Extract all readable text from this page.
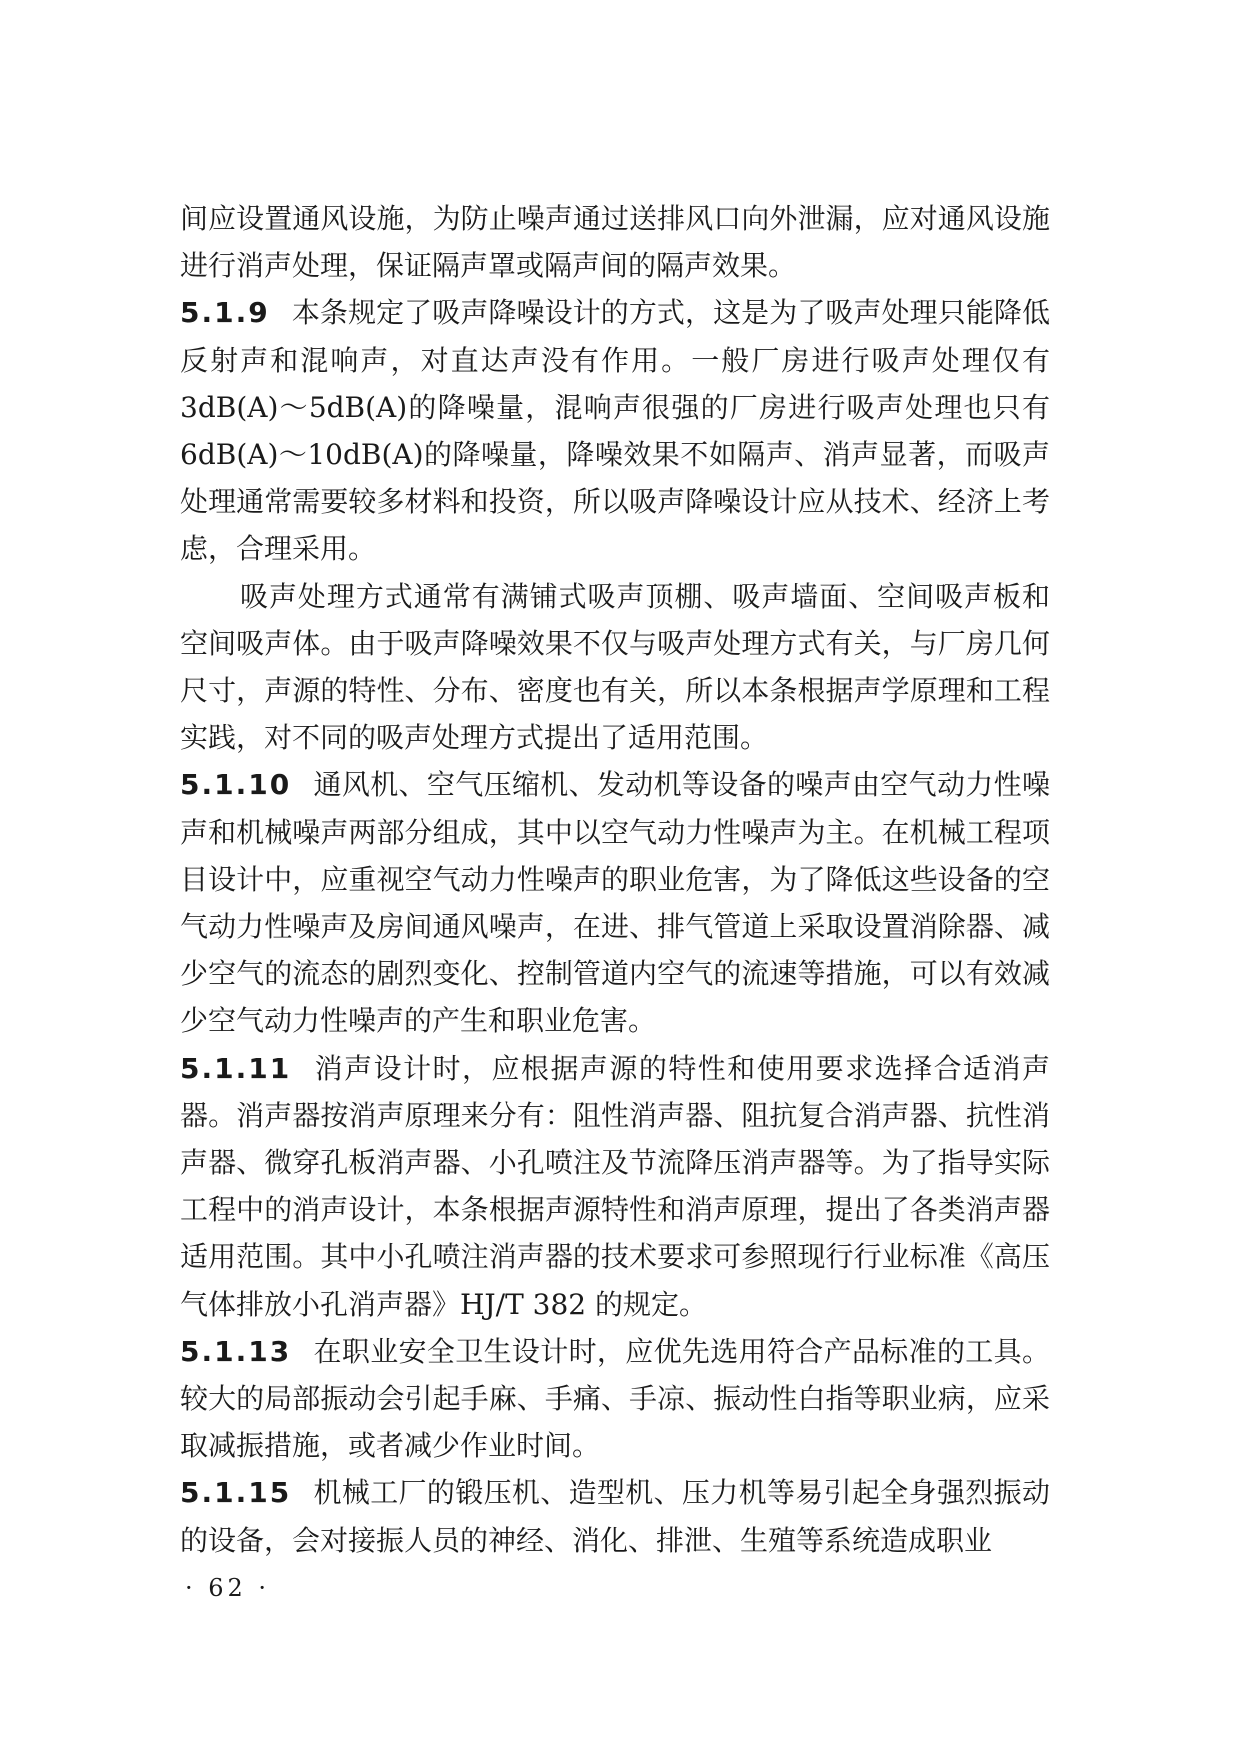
间应设置通风设施，为防止噪声通过送排风口向外泄漏，应对通风设施进行消声处理，保证隔声罩或隔声间的隔声效果。

5.1.9 本条规定了吸声降噪设计的方式，这是为了吸声处理只能降低反射声和混响声，对直达声没有作用。一般厂房进行吸声处理仅有 3dB(A)～5dB(A)的降噪量，混响声很强的厂房进行吸声处理也只有 6dB(A)～10dB(A)的降噪量，降噪效果不如隔声、消声显著，而吸声处理通常需要较多材料和投资，所以吸声降噪设计应从技术、经济上考虑，合理采用。

吸声处理方式通常有满铺式吸声顶棚、吸声墙面、空间吸声板和空间吸声体。由于吸声降噪效果不仅与吸声处理方式有关，与厂房几何尺寸，声源的特性、分布、密度也有关，所以本条根据声学原理和工程实践，对不同的吸声处理方式提出了适用范围。

5.1.10 通风机、空气压缩机、发动机等设备的噪声由空气动力性噪声和机械噪声两部分组成，其中以空气动力性噪声为主。在机械工程项目设计中，应重视空气动力性噪声的职业危害，为了降低这些设备的空气动力性噪声及房间通风噪声，在进、排气管道上采取设置消除器、减少空气的流态的剧烈变化、控制管道内空气的流速等措施，可以有效减少空气动力性噪声的产生和职业危害。

5.1.11 消声设计时，应根据声源的特性和使用要求选择合适消声器。消声器按消声原理来分有：阻性消声器、阻抗复合消声器、抗性消声器、微穿孔板消声器、小孔喷注及节流降压消声器等。为了指导实际工程中的消声设计，本条根据声源特性和消声原理，提出了各类消声器适用范围。其中小孔喷注消声器的技术要求可参照现行行业标准《高压气体排放小孔消声器》HJ/T 382 的规定。

5.1.13 在职业安全卫生设计时，应优先选用符合产品标准的工具。较大的局部振动会引起手麻、手痛、手凉、振动性白指等职业病，应采取减振措施，或者减少作业时间。

5.1.15 机械工厂的锻压机、造型机、压力机等易引起全身强烈振动的设备，会对接振人员的神经、消化、排泄、生殖等系统造成职业

· 62 ·
